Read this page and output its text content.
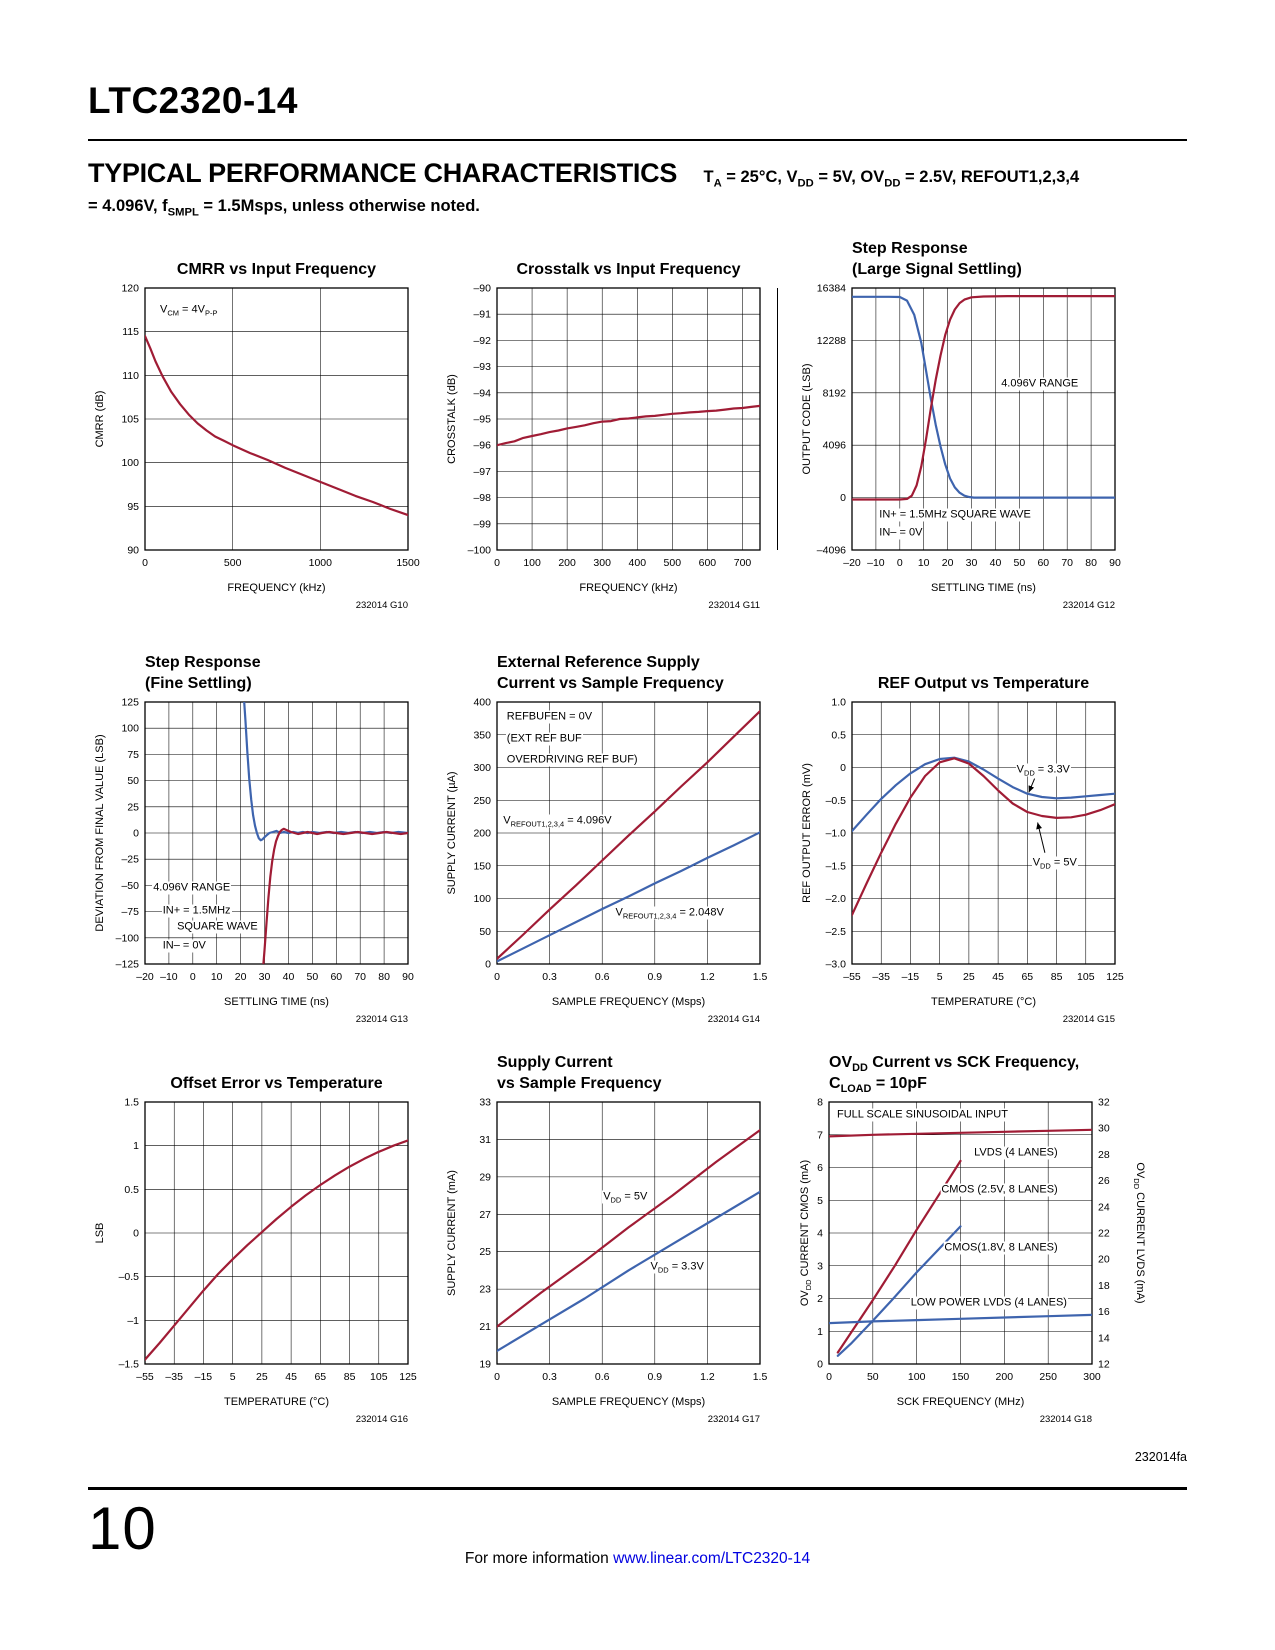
LTC2320-14
TYPICAL PERFORMANCE CHARACTERISTICS $T_A = 25^\circ C$, $V_{DD} = 5V$, $OV_{DD} = 2.5V$, REFOUT1,2,3,4
= 4.096V, $f_{SMPL}$ = 1.5Msps, unless otherwise noted.
CMRR vs Input Frequency
0	500	1000	1500
90
95
100
105
110
115
120
$V_{CM} = 4V_{P-P}$
FREQUENCY (kHz)
232014 G10
CMRR (dB)
Crosstalk vs Input Frequency
0 100 200 300 400 500 600 700
–100
–99
–98
–97
–96
–95
–94
–93
–92
–91
–90
FREQUENCY (kHz)
232014 G11
CROSSTALK (dB)
Step Response
(Large Signal Settling)
–20 –10 0 10 20 30 40 50 60 70 80 90
–4096
0
4096
8192
12288
16384
4.096V RANGE
IN+ = 1.5MHz SQUARE WAVE
IN– = 0V
SETTLING TIME (ns)
232014 G12
OUTPUT CODE (LSB)
Step Response
(Fine Settling)
–20 –10 0 10 20 30 40 50 60 70 80 90
–125
–100
–75
–50
–25
0
25
50
75
100
125
4.096V RANGE
IN+ = 1.5MHz
SQUARE WAVE
IN– = 0V
SETTLING TIME (ns)
232014 G13
DEVIATION FROM FINAL VALUE (LSB)
External Reference Supply
Current vs Sample Frequency
0	0.3	0.6	0.9	1.2	1.5
0
50
100
150
200
250
300
350
400
REFBUFEN = 0V
(EXT REF BUF
OVERDRIVING REF BUF)
$V_{REFOUT1,2,3,4} = 4.096V$
$V_{REFOUT1,2,3,4} = 2.048V$
SAMPLE FREQUENCY (Msps)
232014 G14
SUPPLY CURRENT (µA)
REF Output vs Temperature
–55 –35 –15 5 25 45 65 85 105 125
–3.0
–2.5
–2.0
–1.5
–1.0
–0.5
0
0.5
1.0
$V_{DD} = 3.3V$
$V_{DD} = 5V$
TEMPERATURE (°C)
232014 G15
REF OUTPUT ERROR (mV)
Offset Error vs Temperature
–55 –35 –15 5 25 45 65 85 105 125
–1.5
–1
–0.5
0
0.5
1
1.5
TEMPERATURE (°C)
232014 G16
LSB
Supply Current
vs Sample Frequency
0	0.3	0.6	0.9	1.2	1.5
19
21
23
25
27
29
31
33
$V_{DD} = 5V$
$V_{DD} = 3.3V$
SAMPLE FREQUENCY (Msps)
232014 G17
SUPPLY CURRENT (mA)
$OV_{DD}$ Current vs SCK Frequency,
$C_{LOAD} = 10pF$
0	50	100	150	200	250	300
0
1
2
3
4
5
6
7
8
12
14
16
18
20
22
24
26
28
30
32
FULL SCALE SINUSOIDAL INPUT
LVDS (4 LANES)
CMOS (2.5V, 8 LANES)
CMOS(1.8V, 8 LANES)
LOW POWER LVDS (4 LANES)
SCK FREQUENCY (MHz)
232014 G18
$OV_{DD}$ CURRENT CMOS (mA)	$OV_{DD}$ CURRENT LVDS (mA)
232014fa
10	For more information www.linear.com/LTC2320-14
